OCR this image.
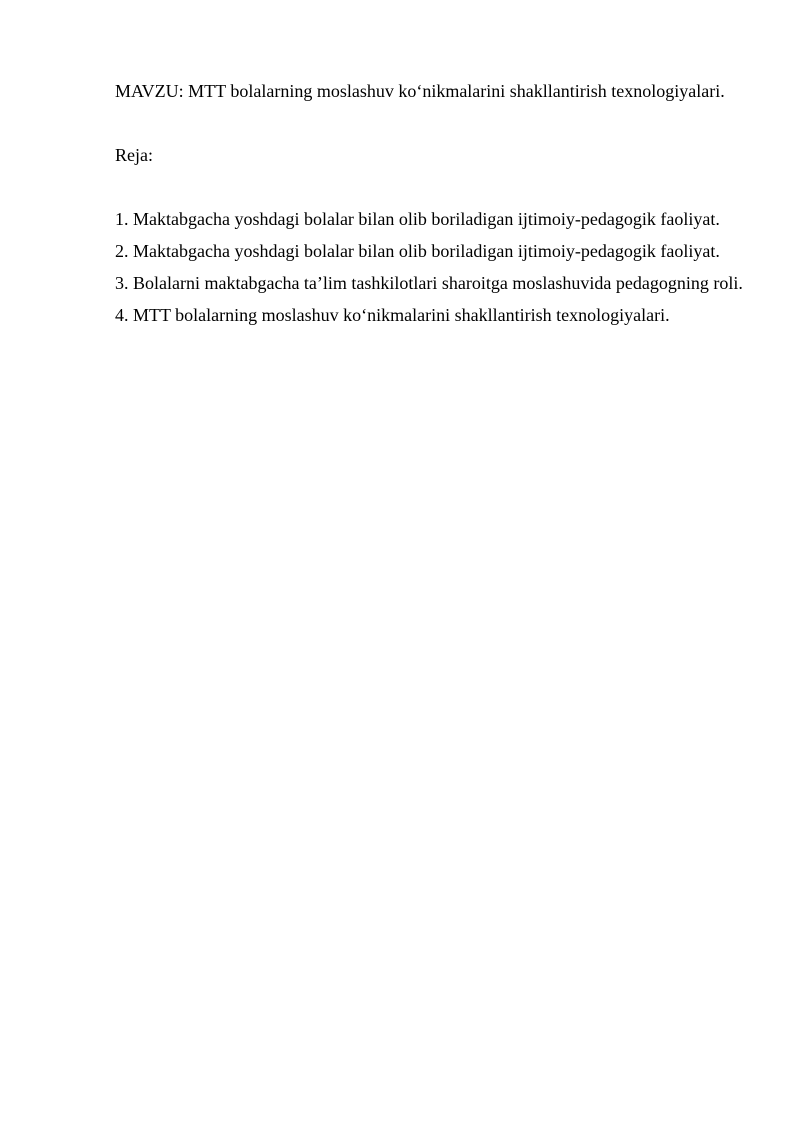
MAVZU: MTT bolalarning moslashuv ko‘nikmalarini shakllantirish texnologiyalari.

Reja:

1. Maktabgacha yoshdagi bolalar bilan olib boriladigan ijtimoiy-pedagogik faoliyat.
2. Maktabgacha yoshdagi bolalar bilan olib boriladigan ijtimoiy-pedagogik faoliyat.
3. Bolalarni maktabgacha ta’lim tashkilotlari sharoitga moslashuvida pedagogning roli.
4. MTT bolalarning moslashuv ko‘nikmalarini shakllantirish texnologiyalari.
